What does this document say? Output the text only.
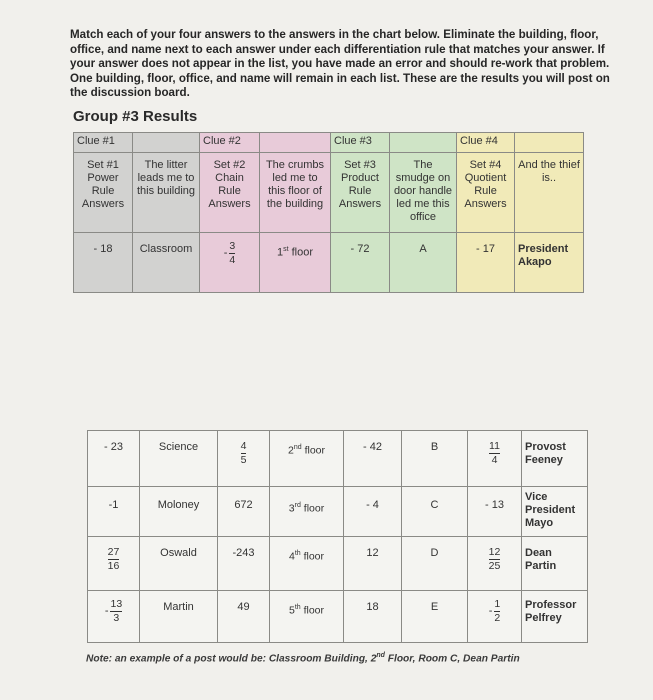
Match each of your four answers to the answers in the chart below. Eliminate the building, floor, office, and name next to each answer under each differentiation rule that matches your answer. If your answer does not appear in the list, you have made an error and should re-work that problem. One building, floor, office, and name will remain in each list. These are the results you will post on the discussion board.
Group #3 Results
Clue #1		Clue #2		Clue #3		Clue #4	
Set #1 Power Rule Answers	The litter leads me to this building	Set #2 Chain Rule Answers	The crumbs led me to this floor of the building	Set #3 Product Rule Answers	The smudge on door handle led me this office	Set #4 Quotient Rule Answers	And the thief is..
- 18	Classroom	- $\frac{3}{4}$	1st floor	- 72	A	- 17	President Akapo
- 23	Science	$\frac{4}{5}$	2nd floor	- 42	B	$\frac{11}{4}$	Provost Feeney
-1	Moloney	672	3rd floor	- 4	C	- 13	Vice President Mayo

$\frac{27}{16}$	Oswald	-243	4th floor	12	D	$\frac{12}{25}$	Dean Partin
- $\frac{13}{3}$	Martin	49	5th floor	18	E	- $\frac{1}{2}$	Professor Pelfrey
Note: an example of a post would be: Classroom Building, 2nd Floor, Room C, Dean Partin
